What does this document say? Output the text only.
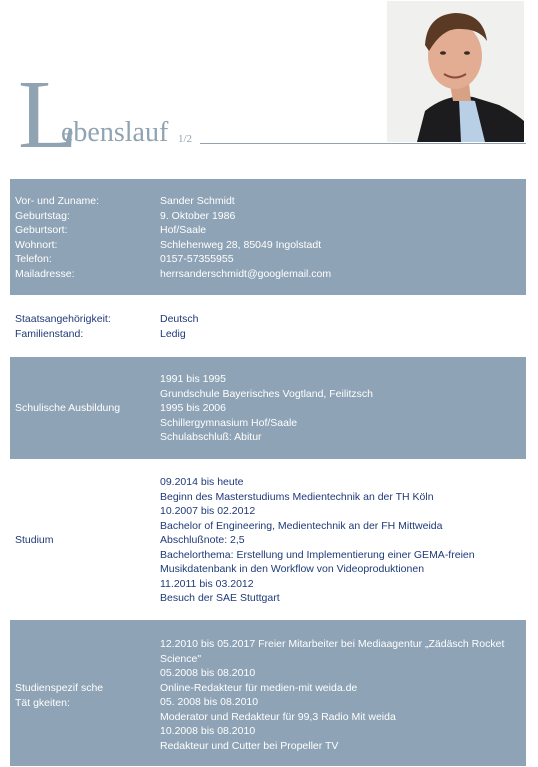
L
ebenslauf 1/2
Vor- und Zuname:
Geburtstag:
Geburtsort:
Wohnort:
Telefon:
Mailadresse:
Sander Schmidt
9. Oktober 1986
Hof/Saale
Schlehenweg 28, 85049 Ingolstadt
0157-57355955
herrsanderschmidt@googlemail.com
Staatsangehörigkeit:
Familienstand:
Deutsch
Ledig
Schulische Ausbildung
1991 bis 1995
Grundschule Bayerisches Vogtland, Feilitzsch
1995 bis 2006
Schillergymnasium Hof/Saale
Schulabschluß: Abitur
Studium
09.2014 bis heute
Beginn des Masterstudiums Medientechnik an der TH Köln
10.2007 bis 02.2012
Bachelor of Engineering, Medientechnik an der FH Mittweida
Abschlußnote: 2,5
Bachelorthema: Erstellung und Implementierung einer GEMA-freien
Musikdatenbank in den Workflow von Videoproduktionen
11.2011 bis 03.2012
Besuch der SAE Stuttgart
Studienspezif sche
Tät gkeiten:
12.2010 bis 05.2017 Freier Mitarbeiter bei Mediaagentur „Zädäsch Rocket
Science"
05.2008 bis 08.2010
Online-Redakteur für medien-mit weida.de
05. 2008 bis 08.2010
Moderator und Redakteur für 99,3 Radio Mit weida
10.2008 bis 08.2010
Redakteur und Cutter bei Propeller TV
